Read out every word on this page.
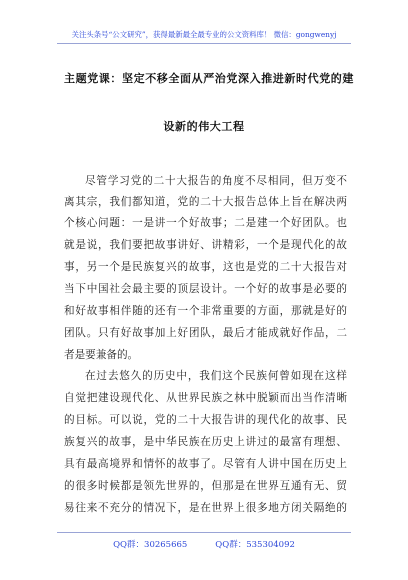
关注头条号“公文研究”，获得最新最全最专业的公文资料库！ 微信：gongwenyj
主题党课：坚定不移全面从严治党深入推进新时代党的建
设新的伟大工程
尽管学习党的二十大报告的角度不尽相同，但万变不
离其宗，我们都知道，党的二十大报告总体上旨在解决两
个核心问题：一是讲一个好故事；二是建一个好团队。也
就是说，我们要把故事讲好、讲精彩，一个是现代化的故
事，另一个是民族复兴的故事，这也是党的二十大报告对
当下中国社会最主要的顶层设计。一个好的故事是必要的
和好故事相伴随的还有一个非常重要的方面，那就是好的
团队。只有好故事加上好团队，最后才能成就好作品，二
者是要兼备的。
在过去悠久的历史中，我们这个民族何曾如现在这样
自觉把建设现代化、从世界民族之林中脱颖而出当作清晰
的目标。可以说，党的二十大报告讲的现代化的故事、民
族复兴的故事，是中华民族在历史上讲过的最富有理想、
具有最高境界和情怀的故事了。尽管有人讲中国在历史上
的很多时候都是领先世界的，但那是在世界互通有无、贸
易往来不充分的情况下，是在世界上很多地方闭关隔绝的
QQ群：30265665	QQ群：535304092
